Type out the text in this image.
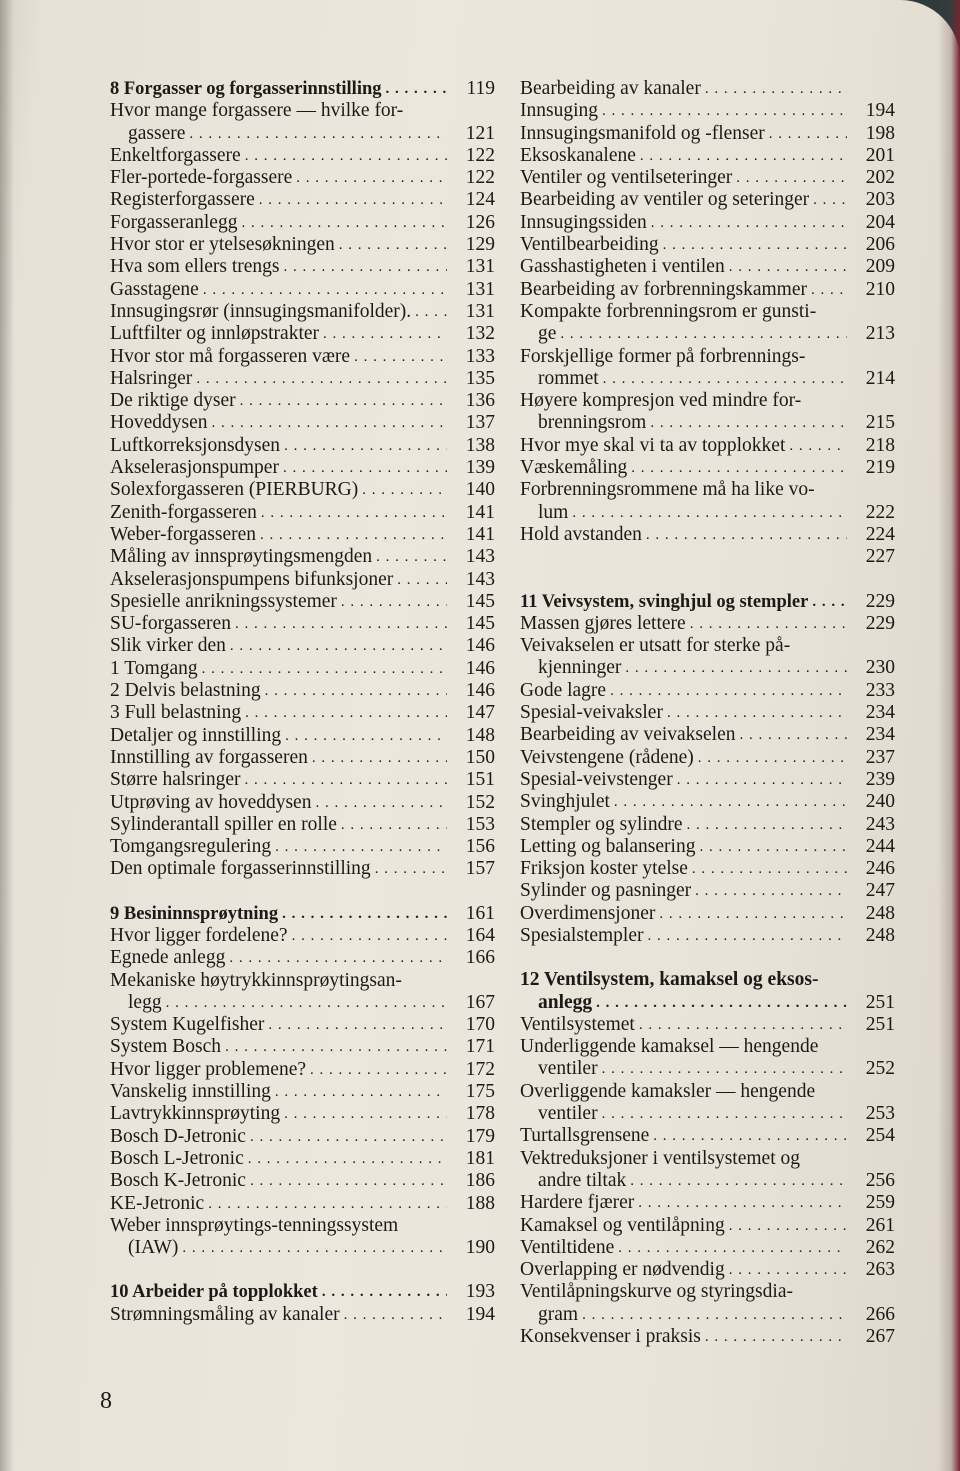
8 Forgasser og forgasserinnstilling . . .	119
Hvor mange forgassere — hvilke for-
gassere . . .	121
Enkeltforgassere . . .	122
Fler-portede-forgassere . . .	122
Registerforgassere . . .	124
Forgasseranlegg . . .	126
Hvor stor er ytelsesøkningen . . .	129
Hva som ellers trengs . . .	131
Gasstagene . . .	131
Innsugingsrør (innsugingsmanifolder). . . .	131
Luftfilter og innløpstrakter . . .	132
Hvor stor må forgasseren være . . .	133
Halsringer . . .	135
De riktige dyser . . .	136
Hoveddysen . . .	137
Luftkorreksjonsdysen . . .	138
Akselerasjonspumper . . .	139
Solexforgasseren (PIERBURG) . . .	140
Zenith-forgasseren . . .	141
Weber-forgasseren . . .	141
Måling av innsprøytingsmengden . . .	143
Akselerasjonspumpens bifunksjoner . . .	143
Spesielle anrikningssystemer . . .	145
SU-forgasseren . . .	145
Slik virker den . . .	146
1 Tomgang . . .	146
2 Delvis belastning . . .	146
3 Full belastning . . .	147
Detaljer og innstilling . . .	148
Innstilling av forgasseren . . .	150
Større halsringer . . .	151
Utprøving av hoveddysen . . .	152
Sylinderantall spiller en rolle . . .	153
Tomgangsregulering . . .	156
Den optimale forgasserinnstilling . . .	157
9 Besininnsprøytning . . .	161
Hvor ligger fordelene? . . .	164
Egnede anlegg . . .	166
Mekaniske høytrykkinnsprøytingsan-
legg . . .	167
System Kugelfisher . . .	170
System Bosch . . .	171
Hvor ligger problemene? . . .	172
Vanskelig innstilling . . .	175
Lavtrykkinnsprøyting . . .	178
Bosch D-Jetronic . . .	179
Bosch L-Jetronic . . .	181
Bosch K-Jetronic . . .	186
KE-Jetronic . . .	188
Weber innsprøytings-tenningssystem
(IAW) . . .	190
10 Arbeider på topplokket . . .	193
Strømningsmåling av kanaler . . .	194
Bearbeiding av kanaler . . .
Innsuging . . .	194
Innsugingsmanifold og -flenser . . .	198
Eksoskanalene . . .	201
Ventiler og ventilseteringer . . .	202
Bearbeiding av ventiler og seteringer . . .	203
Innsugingssiden . . .	204
Ventilbearbeiding . . .	206
Gasshastigheten i ventilen . . .	209
Bearbeiding av forbrenningskammer . . .	210
Kompakte forbrenningsrom er gunsti-
ge . . .	213
Forskjellige former på forbrennings-
rommet . . .	214
Høyere kompresjon ved mindre for-
brenningsrom . . .	215
Hvor mye skal vi ta av topplokket . . .	218
Væskemåling . . .	219
Forbrenningsrommene må ha like vo-
lum . . .	222
Hold avstanden . . .	224
227
11 Veivsystem, svinghjul og stempler . . .	229
Massen gjøres lettere . . .	229
Veivakselen er utsatt for sterke på-
kjenninger . . .	230
Gode lagre . . .	233
Spesial-veivaksler . . .	234
Bearbeiding av veivakselen . . .	234
Veivstengene (rådene) . . .	237
Spesial-veivstenger . . .	239
Svinghjulet . . .	240
Stempler og sylindre . . .	243
Letting og balansering . . .	244
Friksjon koster ytelse . . .	246
Sylinder og pasninger . . .	247
Overdimensjoner . . .	248
Spesialstempler . . .	248
12 Ventilsystem, kamaksel og eksos-
anlegg . . .	251
Ventilsystemet . . .	251
Underliggende kamaksel — hengende
ventiler . . .	252
Overliggende kamaksler — hengende
ventiler . . .	253
Turtallsgrensene . . .	254
Vektreduksjoner i ventilsystemet og
andre tiltak . . .	256
Hardere fjærer . . .	259
Kamaksel og ventilåpning . . .	261
Ventiltidene . . .	262
Overlapping er nødvendig . . .	263
Ventilåpningskurve og styringsdia-
gram . . .	266
Konsekvenser i praksis . . .	267
8
